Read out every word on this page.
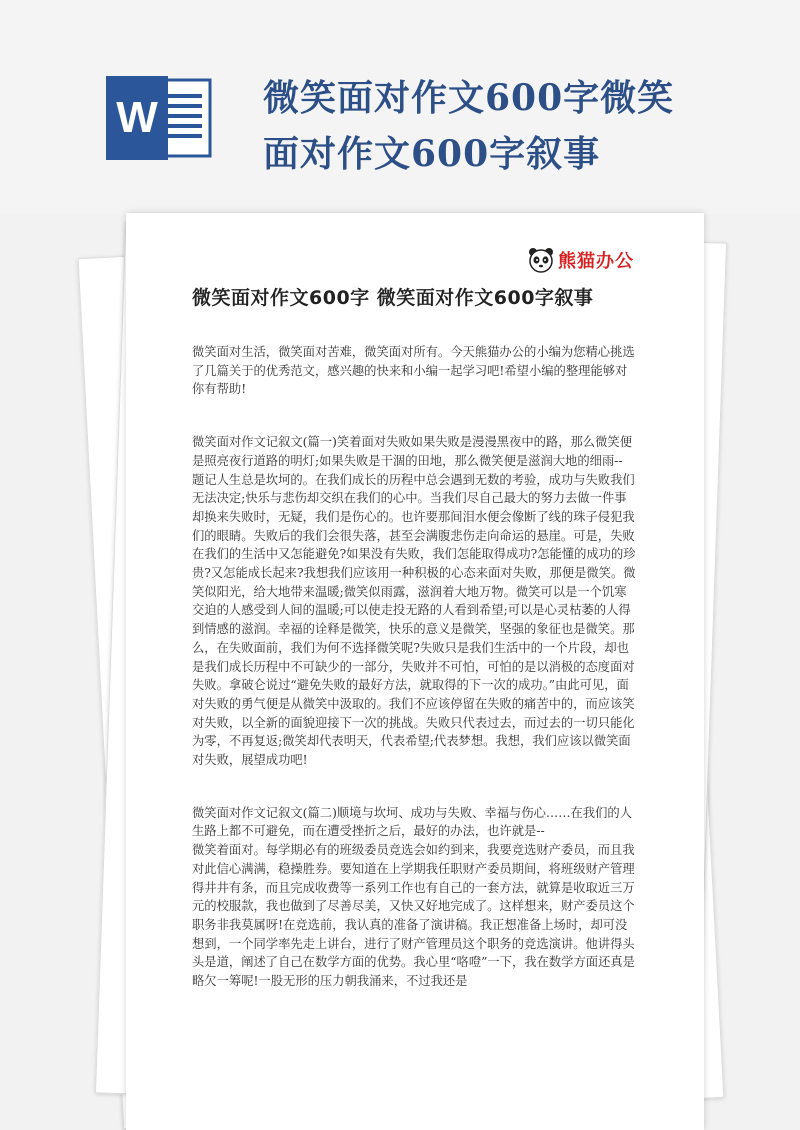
W	微笑面对作文600字微笑面对作文600字叙事
熊猫办公
微笑面对作文600字 微笑面对作文600字叙事

微笑面对生活，微笑面对苦难，微笑面对所有。今天熊猫办公的小编为您精心挑选了几篇关于的优秀范文，感兴趣的快来和小编一起学习吧!希望小编的整理能够对你有帮助!

微笑面对作文记叙文(篇一)笑着面对失败如果失败是漫漫黑夜中的路，那么微笑便是照亮夜行道路的明灯;如果失败是干涸的田地，那么微笑便是滋润大地的细雨--

题记人生总是坎坷的。在我们成长的历程中总会遇到无数的考验，成功与失败我们无法决定;快乐与悲伤却交织在我们的心中。当我们尽自己最大的努力去做一件事却换来失败时，无疑，我们是伤心的。也许要那间泪水便会像断了线的珠子侵犯我们的眼睛。失败后的我们会很失落，甚至会满腹悲伤走向命运的悬崖。可是，失败在我们的生活中又怎能避免?如果没有失败，我们怎能取得成功?怎能懂的成功的珍贵?又怎能成长起来?我想我们应该用一种积极的心态来面对失败，那便是微笑。微笑似阳光，给大地带来温暖;微笑似雨露，滋润着大地万物。微笑可以是一个饥寒交迫的人感受到人间的温暖;可以使走投无路的人看到希望;可以是心灵枯萎的人得到情感的滋润。幸福的诠释是微笑，快乐的意义是微笑，坚强的象征也是微笑。那么，在失败面前，我们为何不选择微笑呢?失败只是我们生活中的一个片段，却也是我们成长历程中不可缺少的一部分，失败并不可怕，可怕的是以消极的态度面对失败。拿破仑说过“避免失败的最好方法，就取得的下一次的成功。”由此可见，面对失败的勇气便是从微笑中汲取的。我们不应该停留在失败的痛苦中的，而应该笑对失败，以全新的面貌迎接下一次的挑战。失败只代表过去，而过去的一切只能化为零，不再复返;微笑却代表明天，代表希望;代表梦想。我想，我们应该以微笑面对失败，展望成功吧!

微笑面对作文记叙文(篇二)顺境与坎坷、成功与失败、幸福与伤心……在我们的人生路上都不可避免，而在遭受挫折之后，最好的办法，也许就是--

微笑着面对。每学期必有的班级委员竞选会如约到来，我要竞选财产委员，而且我对此信心满满，稳操胜券。要知道在上学期我任职财产委员期间，将班级财产管理得井井有条，而且完成收费等一系列工作也有自己的一套方法，就算是收取近三万元的校服款，我也做到了尽善尽美，又快又好地完成了。这样想来，财产委员这个职务非我莫属呀!在竞选前，我认真的准备了演讲稿。我正想准备上场时，却可没想到，一个同学率先走上讲台，进行了财产管理员这个职务的竞选演讲。他讲得头头是道，阐述了自己在数学方面的优势。我心里“咯噔”一下，我在数学方面还真是略欠一筹呢!一股无形的压力朝我涌来，不过我还是
